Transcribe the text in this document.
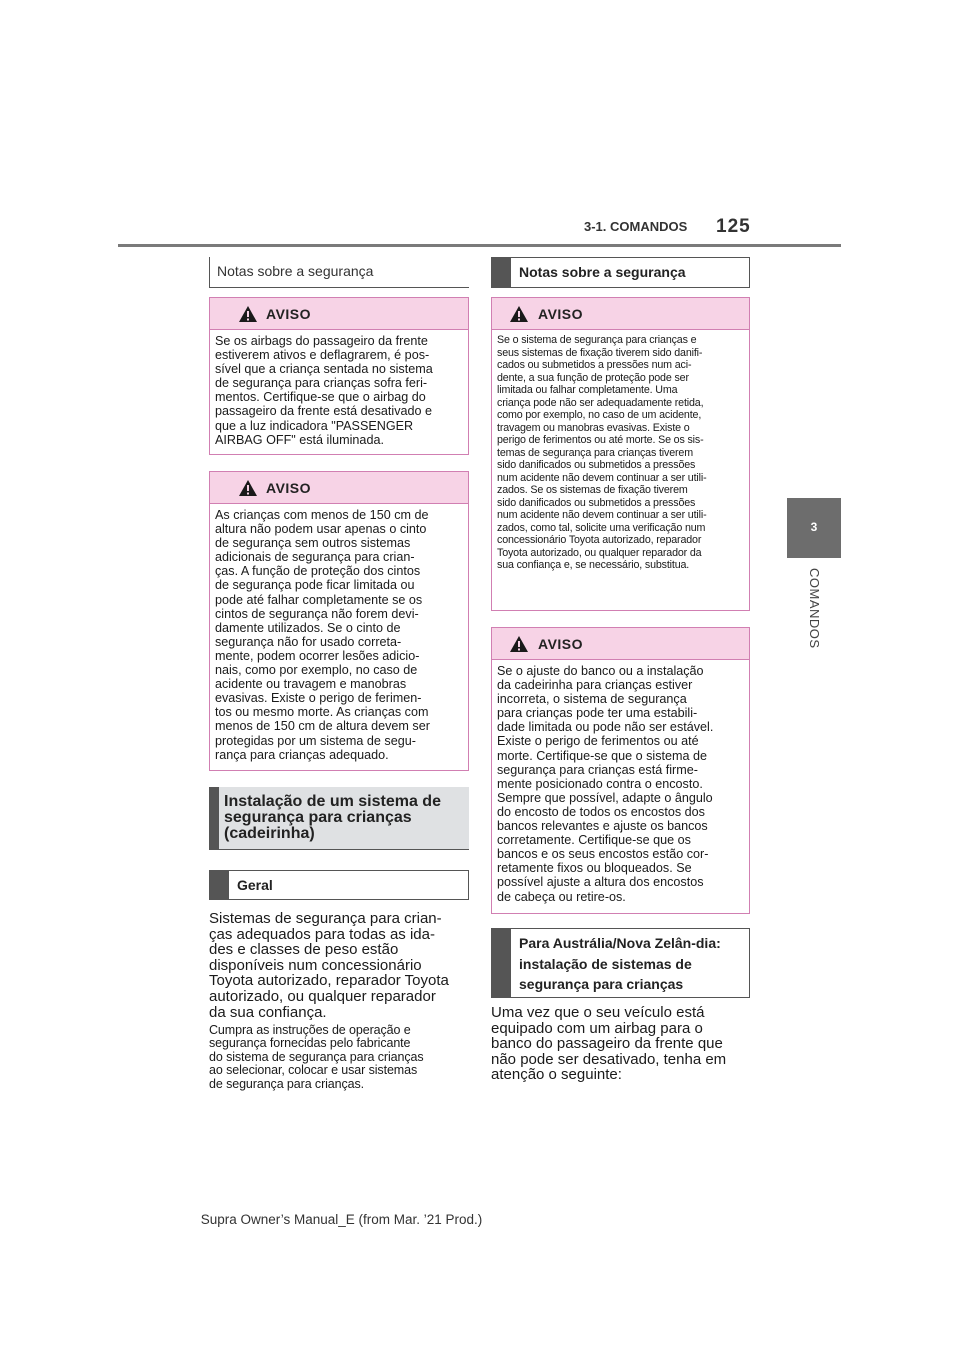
3-1. COMANDOS 125
3
COMANDOS
Notas sobre a segurança
AVISO
Se os airbags do passageiro da frente
estiverem ativos e deflagrarem, é pos-
sível que a criança sentada no sistema
de segurança para crianças sofra feri-
mentos. Certifique-se que o airbag do
passageiro da frente está desativado e
que a luz indicadora "PASSENGER
AIRBAG OFF" está iluminada.
AVISO
As crianças com menos de 150 cm de
altura não podem usar apenas o cinto
de segurança sem outros sistemas
adicionais de segurança para crian-
ças. A função de proteção dos cintos
de segurança pode ficar limitada ou
pode até falhar completamente se os
cintos de segurança não forem devi-
damente utilizados. Se o cinto de
segurança não for usado correta-
mente, podem ocorrer lesões adicio-
nais, como por exemplo, no caso de
acidente ou travagem e manobras
evasivas. Existe o perigo de ferimen-
tos ou mesmo morte. As crianças com
menos de 150 cm de altura devem ser
protegidas por um sistema de segu-
rança para crianças adequado.
Instalação de um sistema de segurança para crianças (cadeirinha)
Geral
Sistemas de segurança para crian-
ças adequados para todas as ida-
des e classes de peso estão
disponíveis num concessionário
Toyota autorizado, reparador Toyota
autorizado, ou qualquer reparador
da sua confiança.
Cumpra as instruções de operação e
segurança fornecidas pelo fabricante
do sistema de segurança para crianças
ao selecionar, colocar e usar sistemas
de segurança para crianças.
Notas sobre a segurança
AVISO
Se o sistema de segurança para crianças e
seus sistemas de fixação tiverem sido danifi-
cados ou submetidos a pressões num aci-
dente, a sua função de proteção pode ser
limitada ou falhar completamente. Uma
criança pode não ser adequadamente retida,
como por exemplo, no caso de um acidente,
travagem ou manobras evasivas. Existe o
perigo de ferimentos ou até morte. Se os sis-
temas de segurança para crianças tiverem
sido danificados ou submetidos a pressões
num acidente não devem continuar a ser utili-
zados. Se os sistemas de fixação tiverem
sido danificados ou submetidos a pressões
num acidente não devem continuar a ser utili-
zados, como tal, solicite uma verificação num
concessionário Toyota autorizado, reparador
Toyota autorizado, ou qualquer reparador da
sua confiança e, se necessário, substitua.
AVISO
Se o ajuste do banco ou a instalação
da cadeirinha para crianças estiver
incorreta, o sistema de segurança
para crianças pode ter uma estabili-
dade limitada ou pode não ser estável.
Existe o perigo de ferimentos ou até
morte. Certifique-se que o sistema de
segurança para crianças está firme-
mente posicionado contra o encosto.
Sempre que possível, adapte o ângulo
do encosto de todos os encostos dos
bancos relevantes e ajuste os bancos
corretamente. Certifique-se que os
bancos e os seus encostos estão cor-
retamente fixos ou bloqueados. Se
possível ajuste a altura dos encostos
de cabeça ou retire-os.
Para Austrália/Nova Zelân-dia: instalação de sistemas de segurança para crianças
Uma vez que o seu veículo está
equipado com um airbag para o
banco do passageiro da frente que
não pode ser desativado, tenha em
atenção o seguinte:
Supra Owner’s Manual_E (from Mar. ’21 Prod.)
